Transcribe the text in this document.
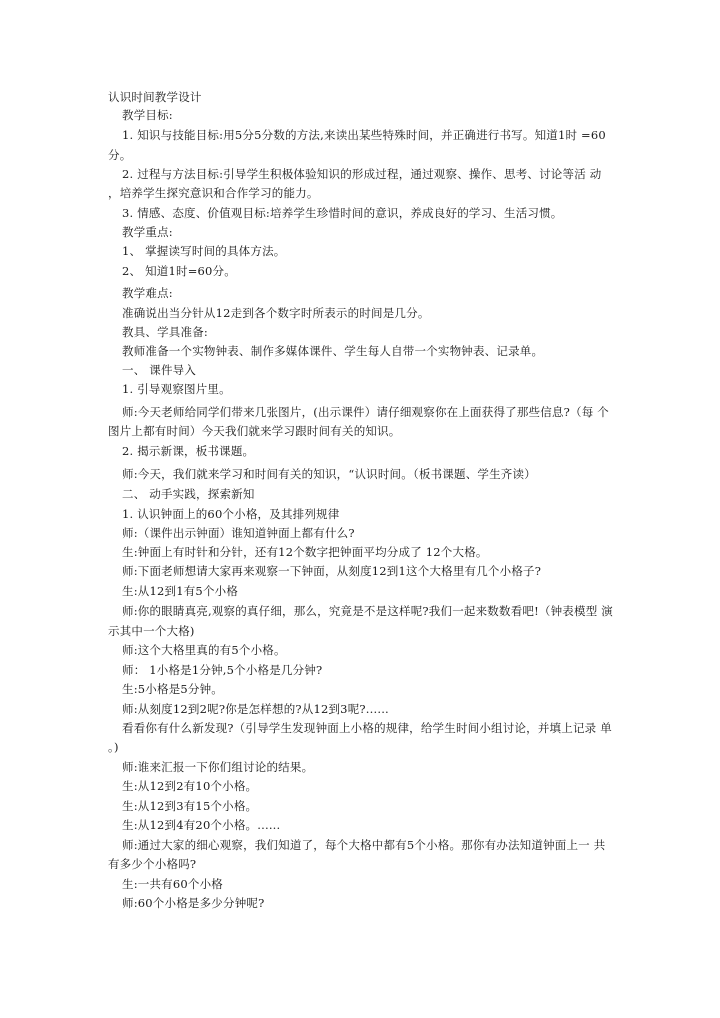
认识时间教学设计
教学目标:
1. 知识与技能目标:用5分5分数的方法,来读出某些特殊时间，并正确进行书写。知道1时 =60
分。
2. 过程与方法目标:引导学生积极体验知识的形成过程，通过观察、操作、思考、讨论等活 动
，培养学生探究意识和合作学习的能力。
3. 情感、态度、价值观目标:培养学生珍惜时间的意识，养成良好的学习、生活习惯。
教学重点:
1、 掌握读写时间的具体方法。
2、 知道1时=60分。
教学难点:
准确说出当分针从12走到各个数字时所表示的时间是几分。
教具、学具准备:
教师准备一个实物钟表、制作多媒体课件、学生每人自带一个实物钟表、记录单。
一、 课件导入
1. 引导观察图片里。
师:今天老师给同学们带来几张图片，(出示课件）请仔细观察你在上面获得了那些信息?（每 个
图片上都有时间）今天我们就来学习跟时间有关的知识。
2. 揭示新课，板书课题。
师:今天，我们就来学习和时间有关的知识，“认识时间。（板书课题、学生齐读）
二、 动手实践，探索新知
1. 认识钟面上的60个小格，及其排列规律
师:（课件出示钟面）谁知道钟面上都有什么?
生:钟面上有时针和分针，还有12个数字把钟面平均分成了 12个大格。
师:下面老师想请大家再来观察一下钟面，从刻度12到1这个大格里有几个小格子?
生:从12到1有5个小格
师:你的眼睛真亮,观察的真仔细，那么，究竟是不是这样呢?我们一起来数数看吧!（钟表模型 演
示其中一个大格)
师:这个大格里真的有5个小格。
师： 1小格是1分钟,5个小格是几分钟?
生:5小格是5分钟。
师:从刻度12到2呢?你是怎样想的?从12到3呢?......
看看你有什么新发现?（引导学生发现钟面上小格的规律，给学生时间小组讨论，并填上记录 单
。)
师:谁来汇报一下你们组讨论的结果。
生:从12到2有10个小格。
生:从12到3有15个小格。
生:从12到4有20个小格。......
师:通过大家的细心观察，我们知道了，每个大格中都有5个小格。那你有办法知道钟面上一 共
有多少个小格吗?
生:一共有60个小格
师:60个小格是多少分钟呢?
